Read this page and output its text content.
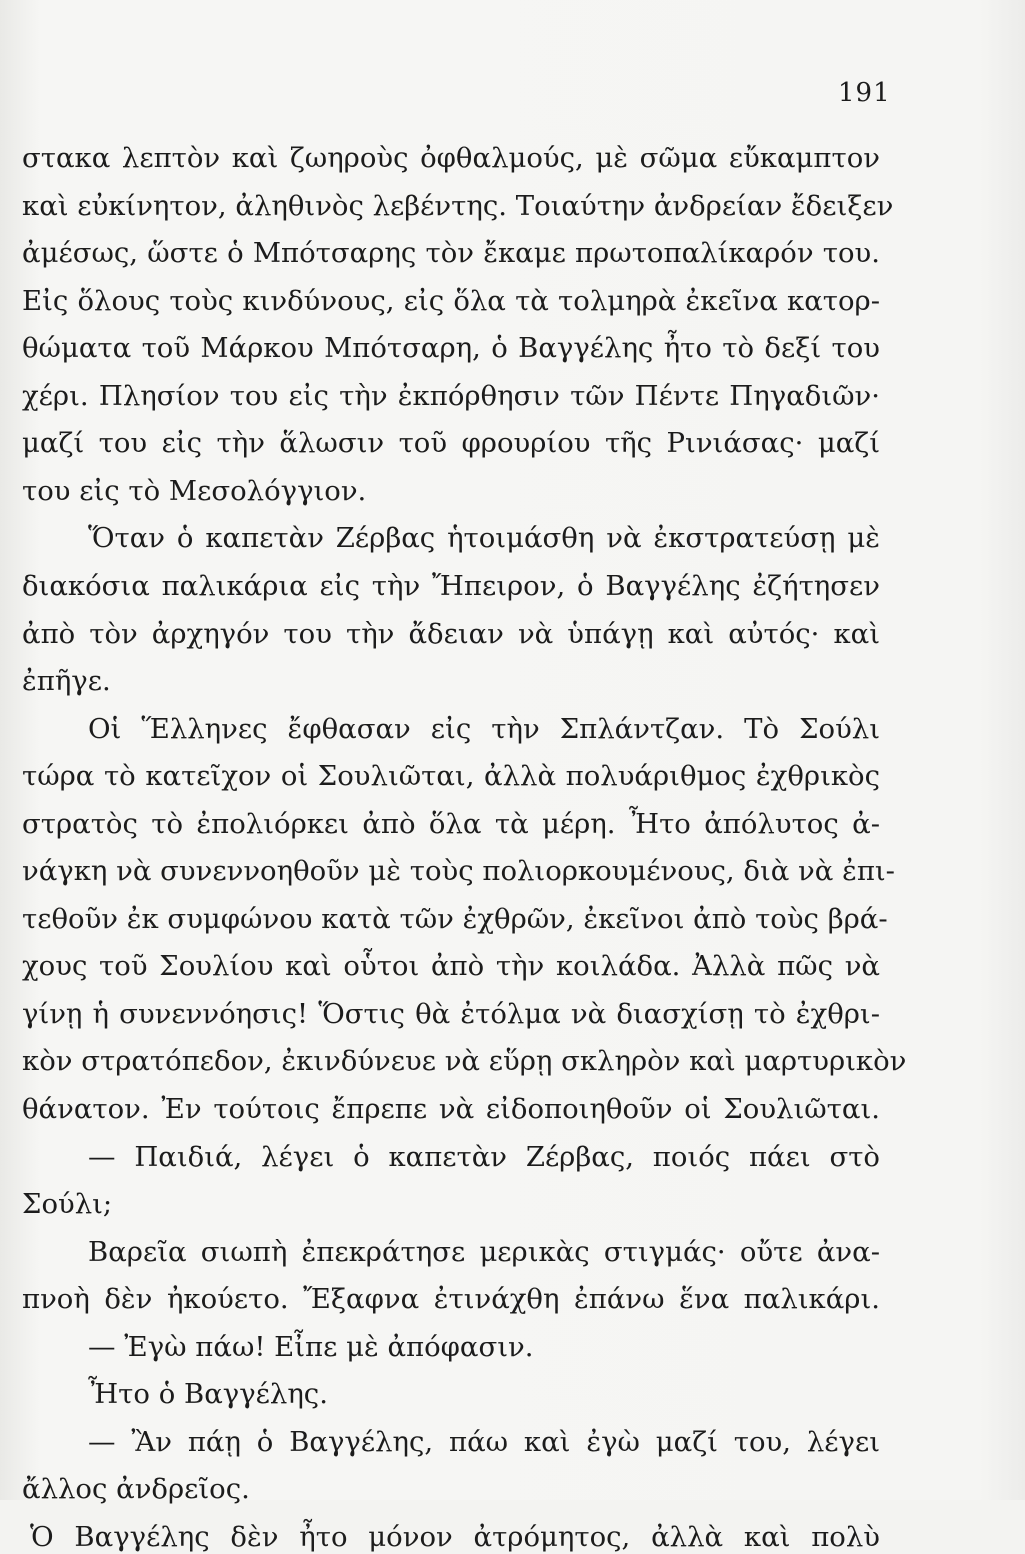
191
στακα λεπτὸν καὶ ζωηροὺς ὀφθαλμούς, μὲ σῶμα εὔκαμπτον
καὶ εὐκίνητον, ἀληθινὸς λεβέντης. Τοιαύτην ἀνδρείαν ἔδειξεν
ἀμέσως, ὥστε ὁ Μπότσαρης τὸν ἔκαμε πρωτοπαλίκαρόν του.
Εἰς ὅλους τοὺς κινδύνους, εἰς ὅλα τὰ τολμηρὰ ἐκεῖνα κατορ-
θώματα τοῦ Μάρκου Μπότσαρη, ὁ Βαγγέλης ἦτο τὸ δεξί του
χέρι. Πλησίον του εἰς τὴν ἐκπόρθησιν τῶν Πέντε Πηγαδιῶν·
μαζί του εἰς τὴν ἅλωσιν τοῦ φρουρίου τῆς Ρινιάσας· μαζί
του εἰς τὸ Μεσολόγγιον.
Ὅταν ὁ καπετὰν Ζέρβας ἡτοιμάσθη νὰ ἐκστρατεύσῃ μὲ
διακόσια παλικάρια εἰς τὴν Ἤπειρον, ὁ Βαγγέλης ἐζήτησεν
ἀπὸ τὸν ἀρχηγόν του τὴν ἄδειαν νὰ ὑπάγῃ καὶ αὐτός· καὶ
ἐπῆγε.
Οἱ Ἕλληνες ἔφθασαν εἰς τὴν Σπλάντζαν. Τὸ Σούλι
τώρα τὸ κατεῖχον οἱ Σουλιῶται, ἀλλὰ πολυάριθμος ἐχθρικὸς
στρατὸς τὸ ἐπολιόρκει ἀπὸ ὅλα τὰ μέρη. Ἦτο ἀπόλυτος ἀ-
νάγκη νὰ συνεννοηθοῦν μὲ τοὺς πολιορκουμένους, διὰ νὰ ἐπι-
τεθοῦν ἐκ συμφώνου κατὰ τῶν ἐχθρῶν, ἐκεῖνοι ἀπὸ τοὺς βρά-
χους τοῦ Σουλίου καὶ οὗτοι ἀπὸ τὴν κοιλάδα. Ἀλλὰ πῶς νὰ
γίνῃ ἡ συνεννόησις! Ὅστις θὰ ἐτόλμα νὰ διασχίσῃ τὸ ἐχθρι-
κὸν στρατόπεδον, ἐκινδύνευε νὰ εὕρῃ σκληρὸν καὶ μαρτυρικὸν
θάνατον. Ἐν τούτοις ἔπρεπε νὰ εἰδοποιηθοῦν οἱ Σουλιῶται.
— Παιδιά, λέγει ὁ καπετὰν Ζέρβας, ποιός πάει στὸ
Σούλι;
Βαρεῖα σιωπὴ ἐπεκράτησε μερικὰς στιγμάς· οὔτε ἀνα-
πνοὴ δὲν ἠκούετο. Ἔξαφνα ἐτινάχθη ἐπάνω ἕνα παλικάρι.
— Ἐγὼ πάω! Εἶπε μὲ ἀπόφασιν.
Ἦτο ὁ Βαγγέλης.
— Ἂν πάῃ ὁ Βαγγέλης, πάω καὶ ἐγὼ μαζί του, λέγει
ἄλλος ἀνδρεῖος.
Ὁ Βαγγέλης δὲν ἦτο μόνον ἀτρόμητος, ἀλλὰ καὶ πολὺ
